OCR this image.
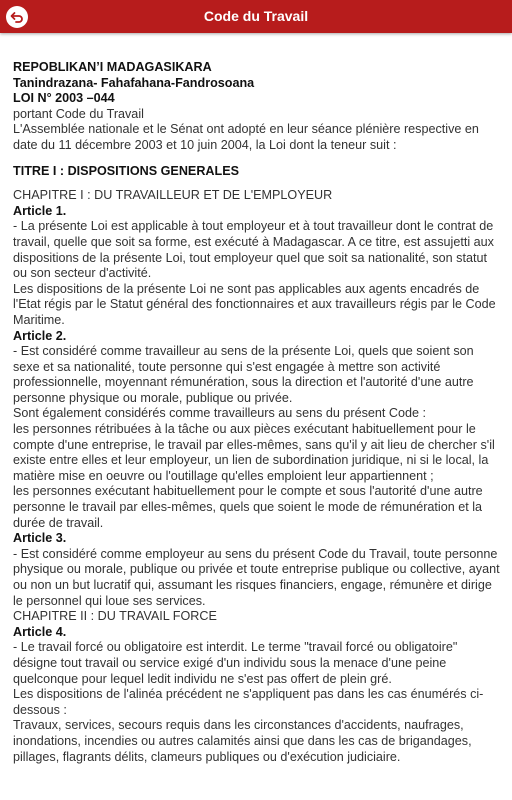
Code du Travail

REPOBLIKAN’I MADAGASIKARA

Tanindrazana- Fahafahana-Fandrosoana

LOI N° 2003 –044

portant Code du Travail

L'Assemblée nationale et le Sénat ont adopté en leur séance plénière respective en date du 11 décembre 2003 et 10 juin 2004, la Loi dont la teneur suit :

TITRE I : DISPOSITIONS GENERALES

CHAPITRE I : DU TRAVAILLEUR ET DE L'EMPLOYEUR

Article 1.

- La présente Loi est applicable à tout employeur et à tout travailleur dont le contrat de travail, quelle que soit sa forme, est exécuté à Madagascar. A ce titre, est assujetti aux dispositions de la présente Loi, tout employeur quel que soit sa nationalité, son statut ou son secteur d'activité.

Les dispositions de la présente Loi ne sont pas applicables aux agents encadrés de l'Etat régis par le Statut général des fonctionnaires et aux travailleurs régis par le Code Maritime.

Article 2.

- Est considéré comme travailleur au sens de la présente Loi, quels que soient son sexe et sa nationalité, toute personne qui s'est engagée à mettre son activité professionnelle, moyennant rémunération, sous la direction et l'autorité d'une autre personne physique ou morale, publique ou privée.

Sont également considérés comme travailleurs au sens du présent Code :

les personnes rétribuées à la tâche ou aux pièces exécutant habituellement pour le compte d'une entreprise, le travail par elles-mêmes, sans qu'il y ait lieu de chercher s'il existe entre elles et leur employeur, un lien de subordination juridique, ni si le local, la matière mise en oeuvre ou l'outillage qu'elles emploient leur appartiennent ;

les personnes exécutant habituellement pour le compte et sous l'autorité d'une autre personne le travail par elles-mêmes, quels que soient le mode de rémunération et la durée de travail.

Article 3.

- Est considéré comme employeur au sens du présent Code du Travail, toute personne physique ou morale, publique ou privée et toute entreprise publique ou collective, ayant ou non un but lucratif qui, assumant les risques financiers, engage, rémunère et dirige le personnel qui loue ses services.

CHAPITRE II : DU TRAVAIL FORCE

Article 4.

- Le travail forcé ou obligatoire est interdit. Le terme "travail forcé ou obligatoire" désigne tout travail ou service exigé d'un individu sous la menace d'une peine quelconque pour lequel ledit individu ne s'est pas offert de plein gré.

Les dispositions de l'alinéa précédent ne s'appliquent pas dans les cas énumérés ci-dessous :

Travaux, services, secours requis dans les circonstances d'accidents, naufrages, inondations, incendies ou autres calamités ainsi que dans les cas de brigandages, pillages, flagrants délits, clameurs publiques ou d'exécution judiciaire.
